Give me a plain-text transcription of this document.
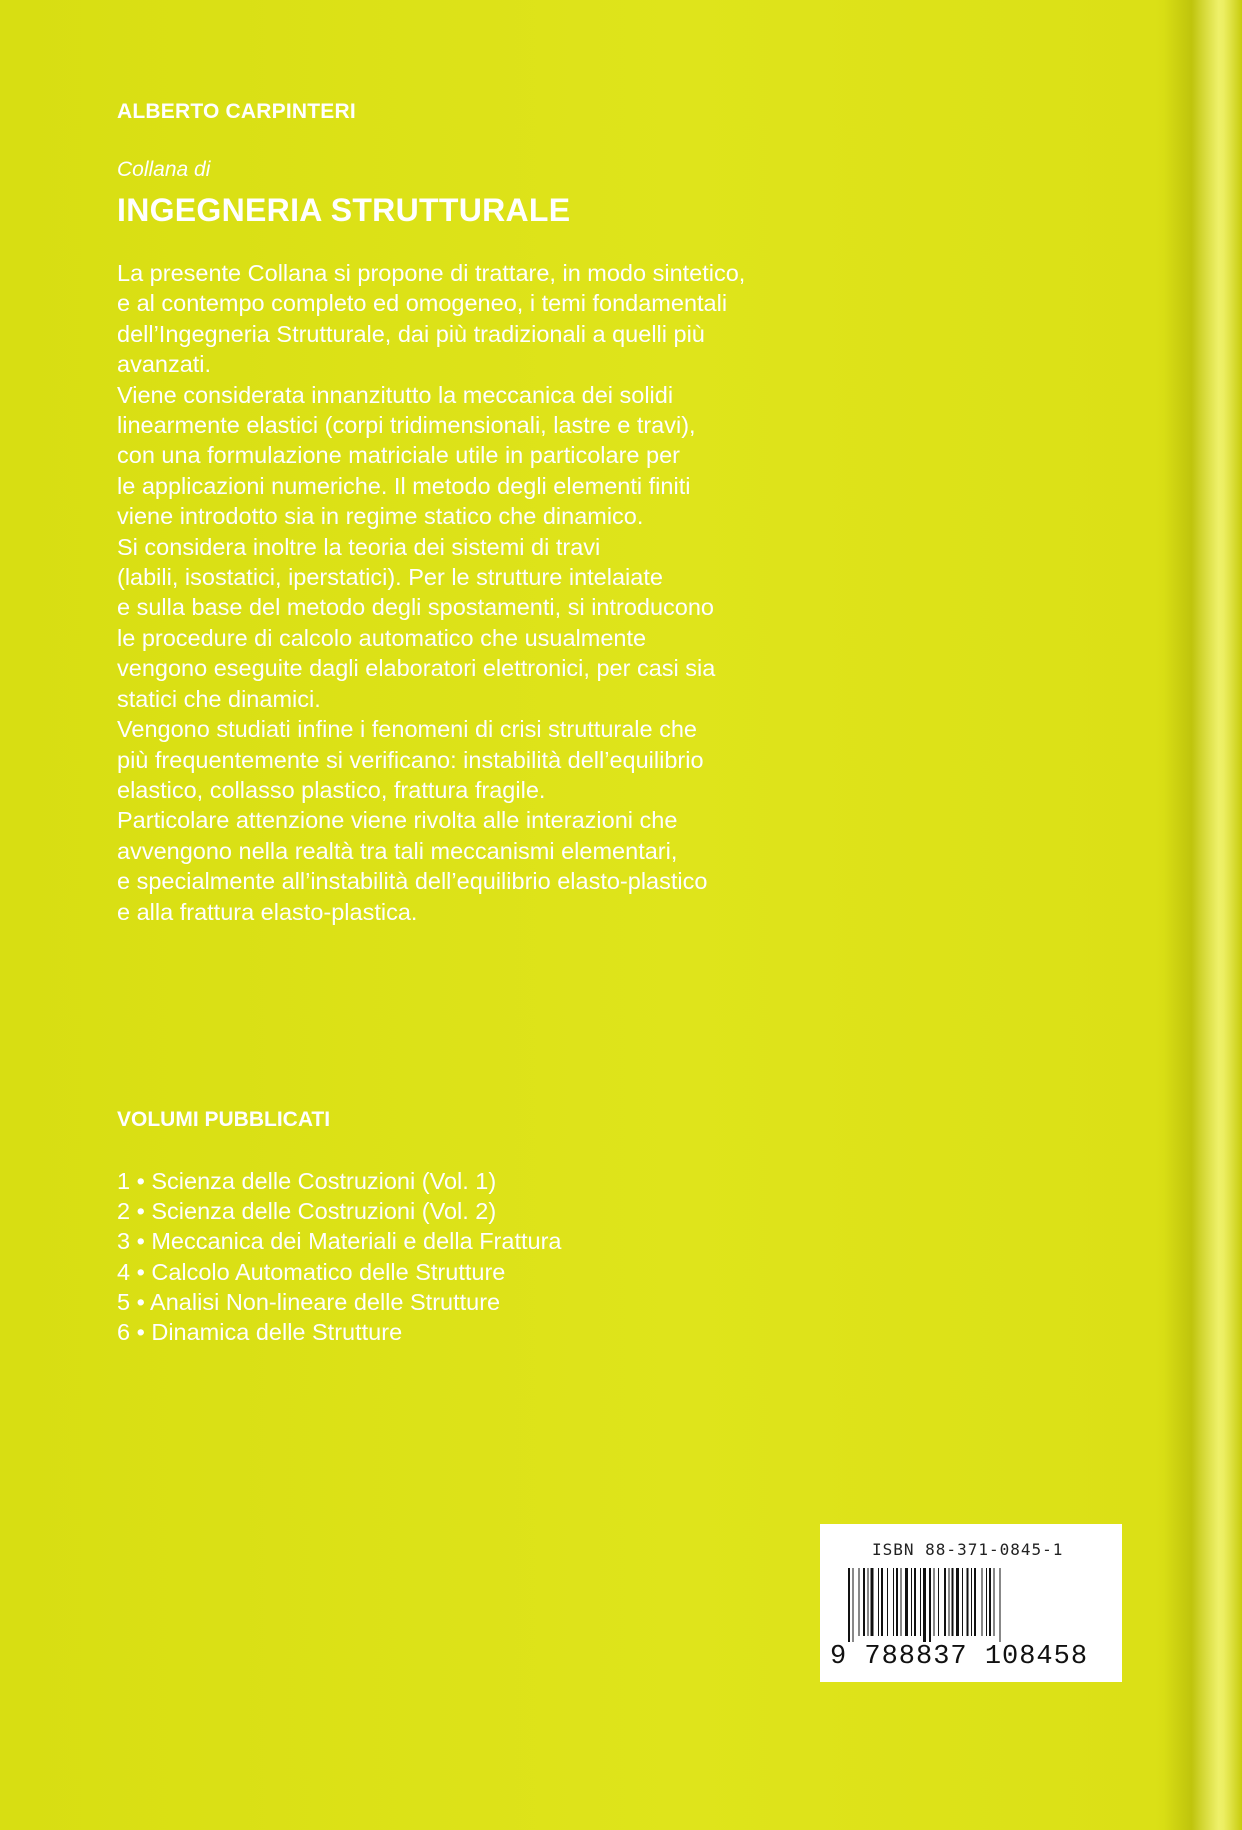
ALBERTO CARPINTERI

Collana di

INGEGNERIA STRUTTURALE

La presente Collana si propone di trattare, in modo sintetico,
e al contempo completo ed omogeneo, i temi fondamentali
dell’Ingegneria Strutturale, dai più tradizionali a quelli più
avanzati.
Viene considerata innanzitutto la meccanica dei solidi
linearmente elastici (corpi tridimensionali, lastre e travi),
con una formulazione matriciale utile in particolare per
le applicazioni numeriche. Il metodo degli elementi finiti
viene introdotto sia in regime statico che dinamico.
Si considera inoltre la teoria dei sistemi di travi
(labili, isostatici, iperstatici). Per le strutture intelaiate
e sulla base del metodo degli spostamenti, si introducono
le procedure di calcolo automatico che usualmente
vengono eseguite dagli elaboratori elettronici, per casi sia
statici che dinamici.
Vengono studiati infine i fenomeni di crisi strutturale che
più frequentemente si verificano: instabilità dell’equilibrio
elastico, collasso plastico, frattura fragile.
Particolare attenzione viene rivolta alle interazioni che
avvengono nella realtà tra tali meccanismi elementari,
e specialmente all’instabilità dell’equilibrio elasto-plastico
e alla frattura elasto-plastica.

VOLUMI PUBBLICATI

1 • Scienza delle Costruzioni (Vol. 1)
2 • Scienza delle Costruzioni (Vol. 2)
3 • Meccanica dei Materiali e della Frattura
4 • Calcolo Automatico delle Strutture
5 • Analisi Non-lineare delle Strutture
6 • Dinamica delle Strutture
ISBN 88-371-0845-1
9 788837 108458
